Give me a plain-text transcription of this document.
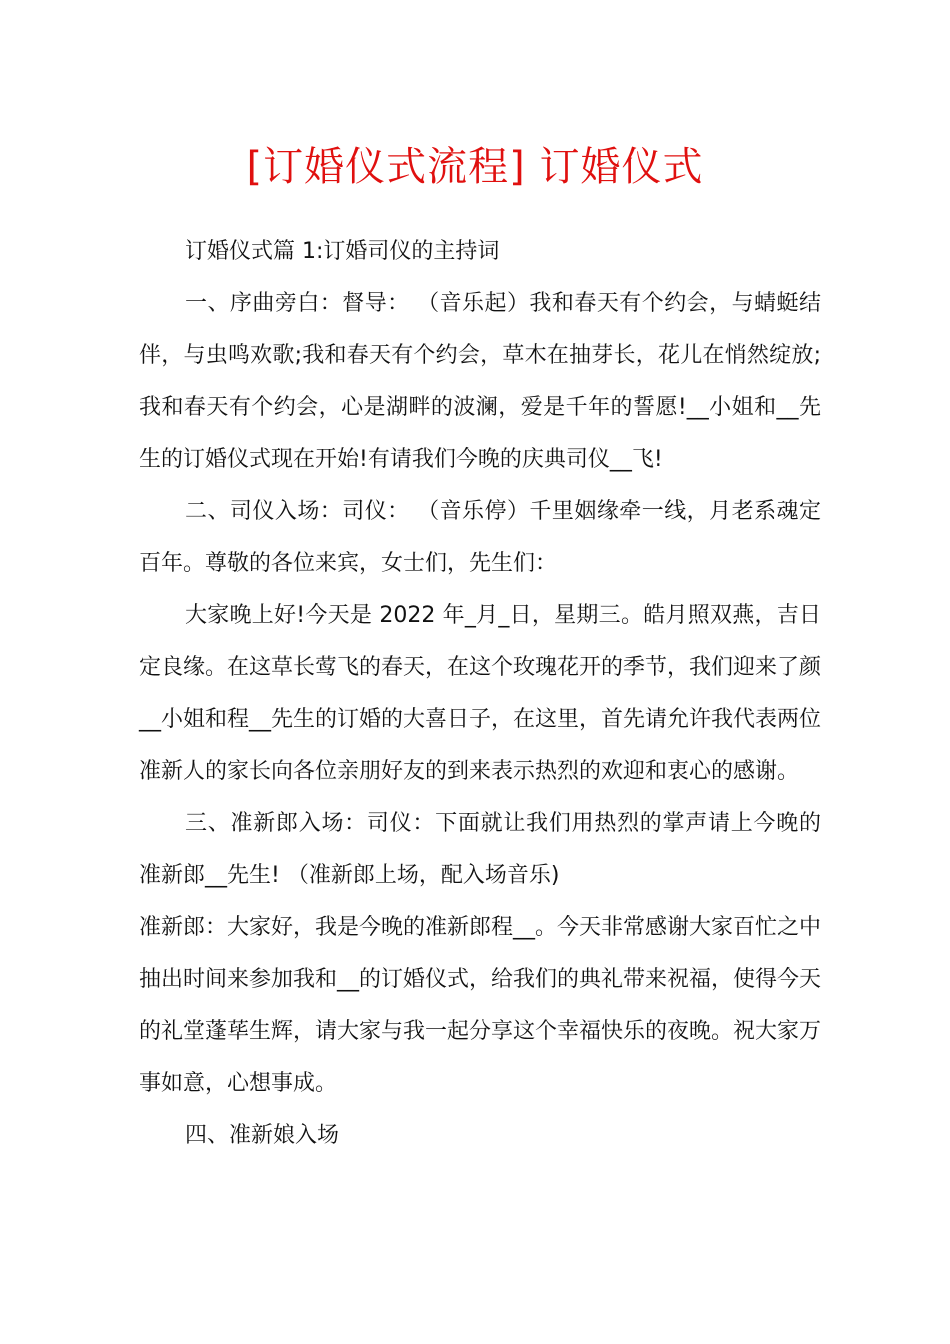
[订婚仪式流程] 订婚仪式

订婚仪式篇 1:订婚司仪的主持词

一、序曲旁白：督导： （音乐起）我和春天有个约会，与蜻蜓结伴，与虫鸣欢歌;我和春天有个约会，草木在抽芽长，花儿在悄然绽放;我和春天有个约会，心是湖畔的波澜，爱是千年的誓愿!__小姐和__先生的订婚仪式现在开始!有请我们今晚的庆典司仪__飞!

二、司仪入场：司仪： （音乐停）千里姻缘牵一线，月老系魂定百年。尊敬的各位来宾，女士们，先生们：

大家晚上好!今天是 2022 年_月_日，星期三。皓月照双燕，吉日定良缘。在这草长莺飞的春天，在这个玫瑰花开的季节，我们迎来了颜__小姐和程__先生的订婚的大喜日子，在这里，首先请允许我代表两位准新人的家长向各位亲朋好友的到来表示热烈的欢迎和衷心的感谢。

三、准新郎入场：司仪：下面就让我们用热烈的掌声请上今晚的准新郎__先生! （准新郎上场，配入场音乐)

准新郎：大家好，我是今晚的准新郎程__。今天非常感谢大家百忙之中抽出时间来参加我和__的订婚仪式，给我们的典礼带来祝福，使得今天的礼堂蓬荜生辉，请大家与我一起分享这个幸福快乐的夜晚。祝大家万事如意，心想事成。

四、准新娘入场
